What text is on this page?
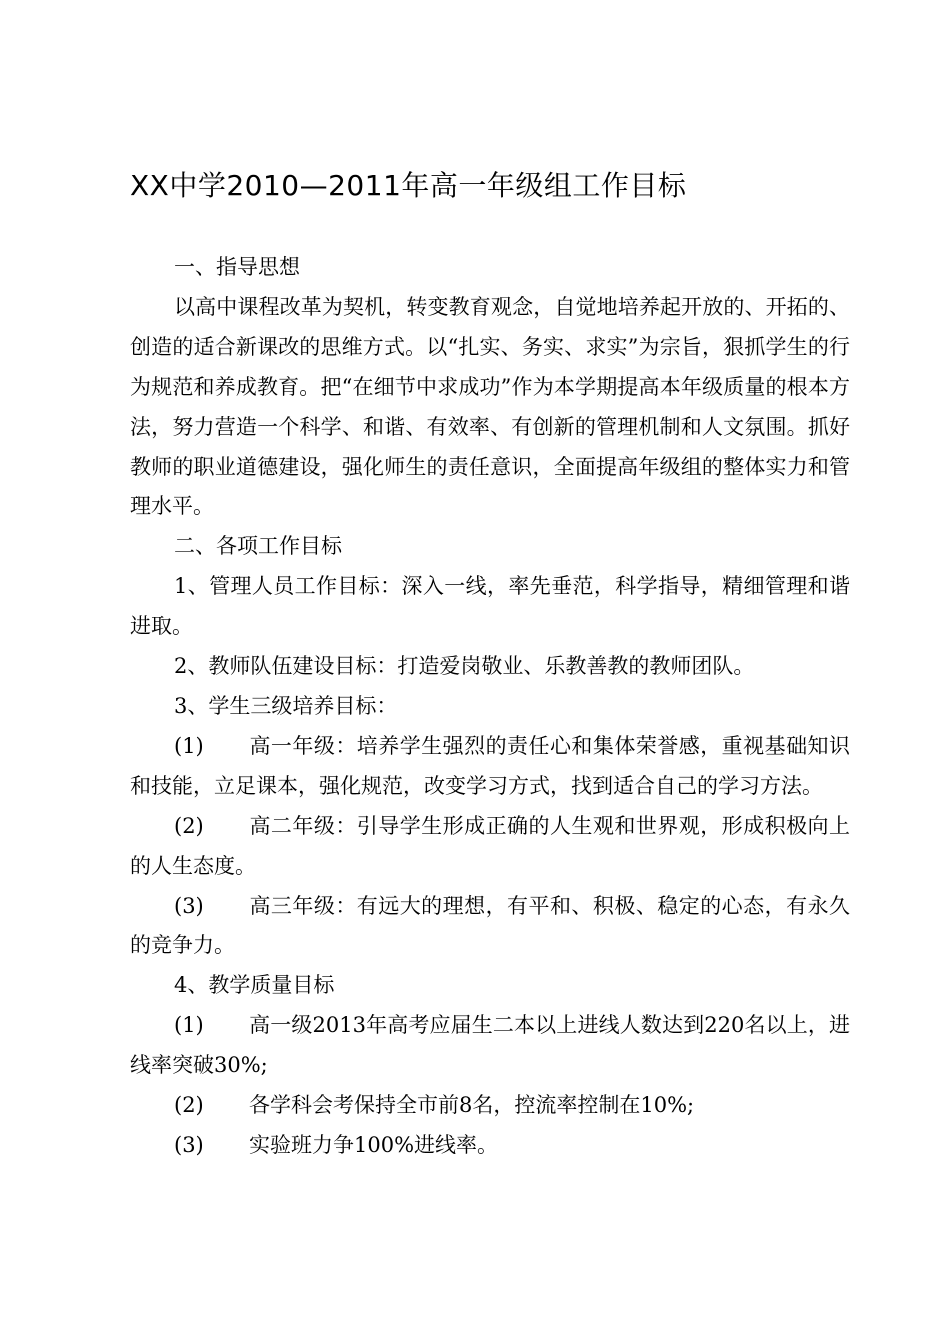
XX中学2010—2011年高一年级组工作目标

一、指导思想

以高中课程改革为契机，转变教育观念，自觉地培养起开放的、开拓的、创造的适合新课改的思维方式。以“扎实、务实、求实”为宗旨，狠抓学生的行为规范和养成教育。把“在细节中求成功”作为本学期提高本年级质量的根本方法，努力营造一个科学、和谐、有效率、有创新的管理机制和人文氛围。抓好教师的职业道德建设，强化师生的责任意识，全面提高年级组的整体实力和管理水平。

二、各项工作目标

1、管理人员工作目标：深入一线，率先垂范，科学指导，精细管理和谐进取。

2、教师队伍建设目标：打造爱岗敬业、乐教善教的教师团队。

3、学生三级培养目标：

(1) 高一年级：培养学生强烈的责任心和集体荣誉感，重视基础知识和技能，立足课本，强化规范，改变学习方式，找到适合自己的学习方法。

(2) 高二年级：引导学生形成正确的人生观和世界观，形成积极向上的人生态度。

(3) 高三年级：有远大的理想，有平和、积极、稳定的心态，有永久的竞争力。

4、教学质量目标

(1) 高一级2013年高考应届生二本以上进线人数达到220名以上，进线率突破30%;

(2) 各学科会考保持全市前8名，控流率控制在10%;

(3) 实验班力争100%进线率。
